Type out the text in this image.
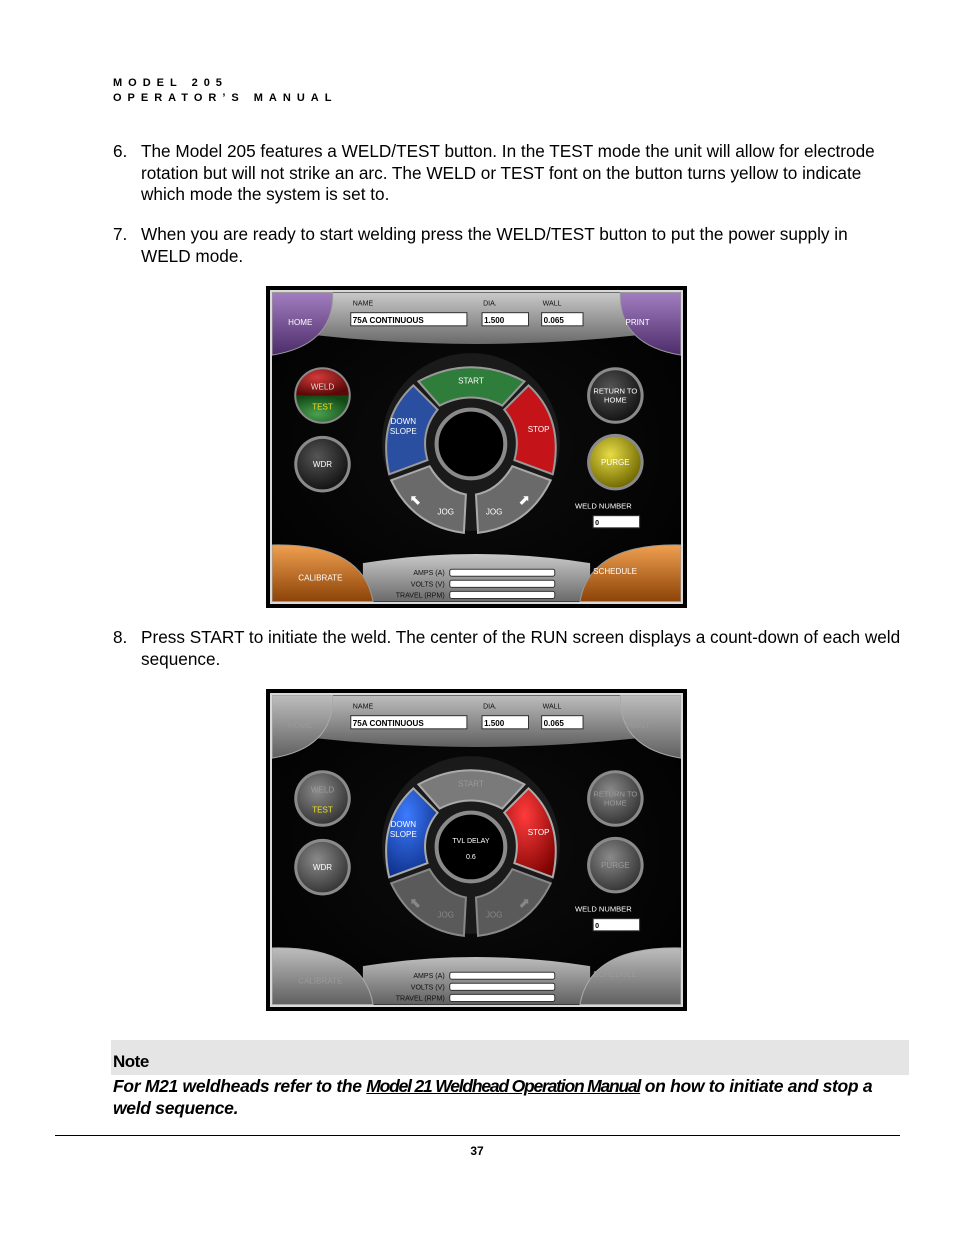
MODEL 205
OPERATOR’S MANUAL
6. The Model 205 features a WELD/TEST button. In the TEST mode the unit will allow for electrode rotation but will not strike an arc. The WELD or TEST font on the button turns yellow to indicate which mode the system is set to.
7. When you are ready to start welding press the WELD/TEST button to put the power supply in WELD mode.
HOME	PRINT
NAME	DIA.	WALL
75A CONTINUOUS	1.500	0.065
WELD
TEST
WDR
START
STOP
DOWN
SLOPE
⬉
JOG
⬈
JOG
RETURN TO
HOME
PURGE
WELD NUMBER
0
CALIBRATE
SCHEDULE
AMPS (A)
VOLTS (V)
TRAVEL (RPM)
8. Press START to initiate the weld. The center of the RUN screen displays a count-down of each weld sequence.
HOME	PRINT
NAME	DIA.	WALL
75A CONTINUOUS	1.500	0.065
WELD
TEST
WDR
START
STOP
DOWN
SLOPE
⬉
JOG
⬈
JOG
TVL DELAY
0.6
RETURN TO
HOME
PURGE
WELD NUMBER
0
CALIBRATE
SCHEDULE
AMPS (A)
VOLTS (V)
TRAVEL (RPM)
Note
For M21 weldheads refer to the Model 21 Weldhead Operation Manual on how to initiate and stop a weld sequence.
37
